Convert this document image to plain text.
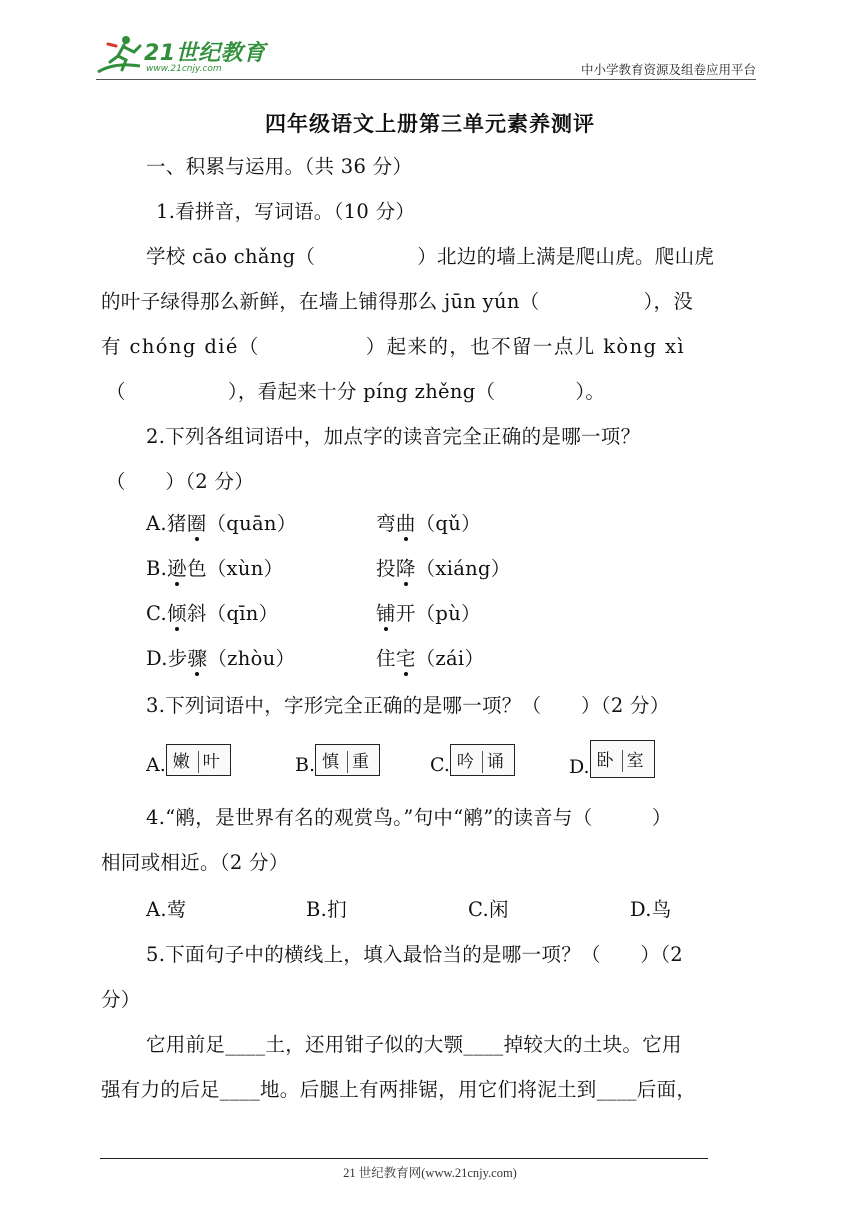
21世纪教育
www.21cnjy.com	中小学教育资源及组卷应用平台
四年级语文上册第三单元素养测评
一、积累与运用。（共 36 分）
1.看拼音，写词语。（10 分）
学校 cāo chǎng（	）北边的墙上满是爬山虎。爬山虎
的叶子绿得那么新鲜，在墙上铺得那么 jūn yún（	），没
有 chóng dié（	）起来的，也不留一点儿 kòng xì
（	），看起来十分 píng zhěng（	）。
2.下列各组词语中，加点字的读音完全正确的是哪一项？
（　　）（2 分）
A.猪圈（quān）	弯曲（qǔ）
B.逊色（xùn）	投降（xiáng）
C.倾斜（qīn）	铺开（pù）
D.步骤（zhòu）	住宅（zái）
3.下列词语中，字形完全正确的是哪一项？（　　）（2 分）
A. 嫩 叶	B. 慎 重	C. 吟 诵	D. 卧 室
4.“鹇，是世界有名的观赏鸟。”句中“鹇”的读音与（　　　）
相同或相近。（2 分）
A.莺	B.扪	C.闲	D.鸟
5.下面句子中的横线上，填入最恰当的是哪一项？（　　）（2
分）
它用前足____土，还用钳子似的大颚____掉较大的土块。它用
强有力的后足____地。后腿上有两排锯，用它们将泥土到____后面，
21 世纪教育网(www.21cnjy.com)
